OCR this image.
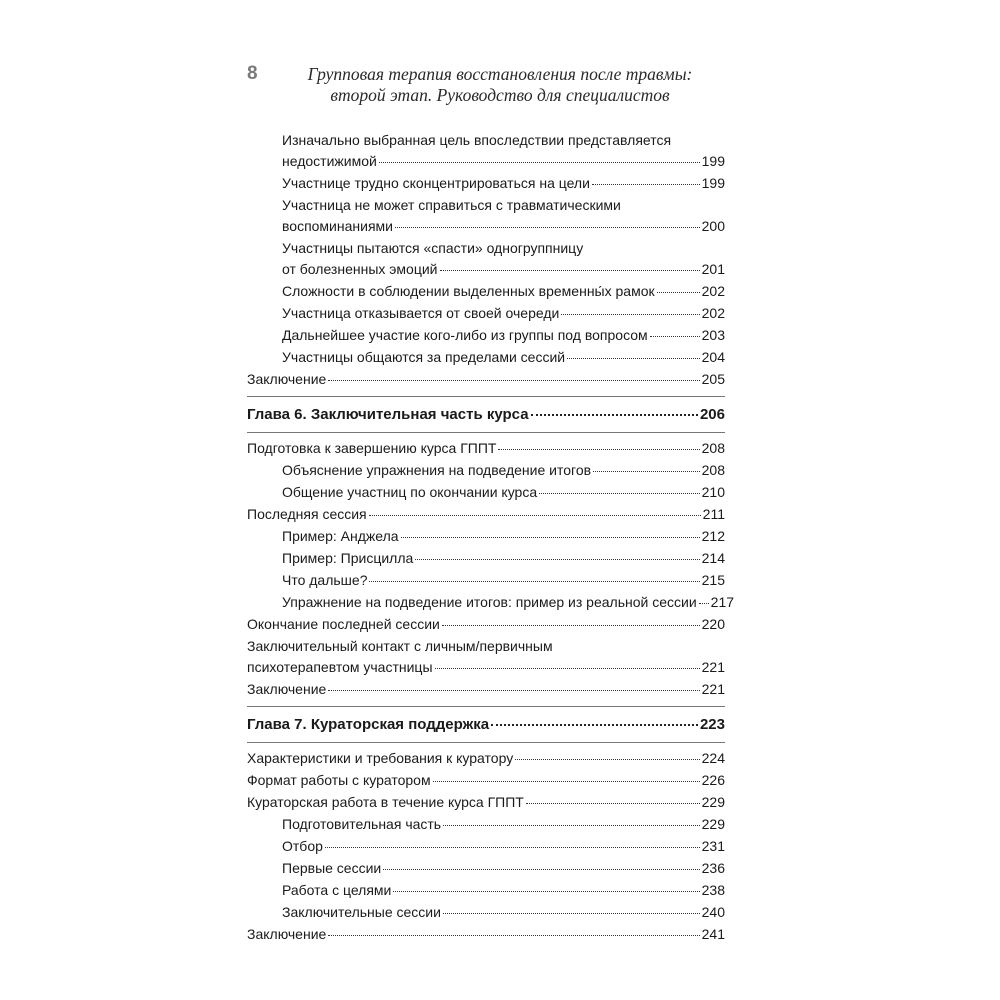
8	Групповая терапия восстановления после травмы:
второй этап. Руководство для специалистов
Изначально выбранная цель впоследствии представляется
недостижимой	199
Участнице трудно сконцентрироваться на цели	199
Участница не может справиться с травматическими
воспоминаниями	200
Участницы пытаются «спасти» одногруппницу
от болезненных эмоций	201
Сложности в соблюдении выделенных временны́х рамок	202
Участница отказывается от своей очереди	202
Дальнейшее участие кого-либо из группы под вопросом	203
Участницы общаются за пределами сессий	204
Заключение	205
Глава 6. Заключительная часть курса	206
Подготовка к завершению курса ГППТ	208
Объяснение упражнения на подведение итогов	208
Общение участниц по окончании курса	210
Последняя сессия	211
Пример: Анджела	212
Пример: Присцилла	214
Что дальше?	215
Упражнение на подведение итогов: пример из реальной сессии 217
Окончание последней сессии	220
Заключительный контакт с личным/первичным
психотерапевтом участницы	221
Заключение	221
Глава 7. Кураторская поддержка	223
Характеристики и требования к куратору	224
Формат работы с куратором	226
Кураторская работа в течение курса ГППТ	229
Подготовительная часть	229
Отбор	231
Первые сессии	236
Работа с целями	238
Заключительные сессии	240
Заключение	241
